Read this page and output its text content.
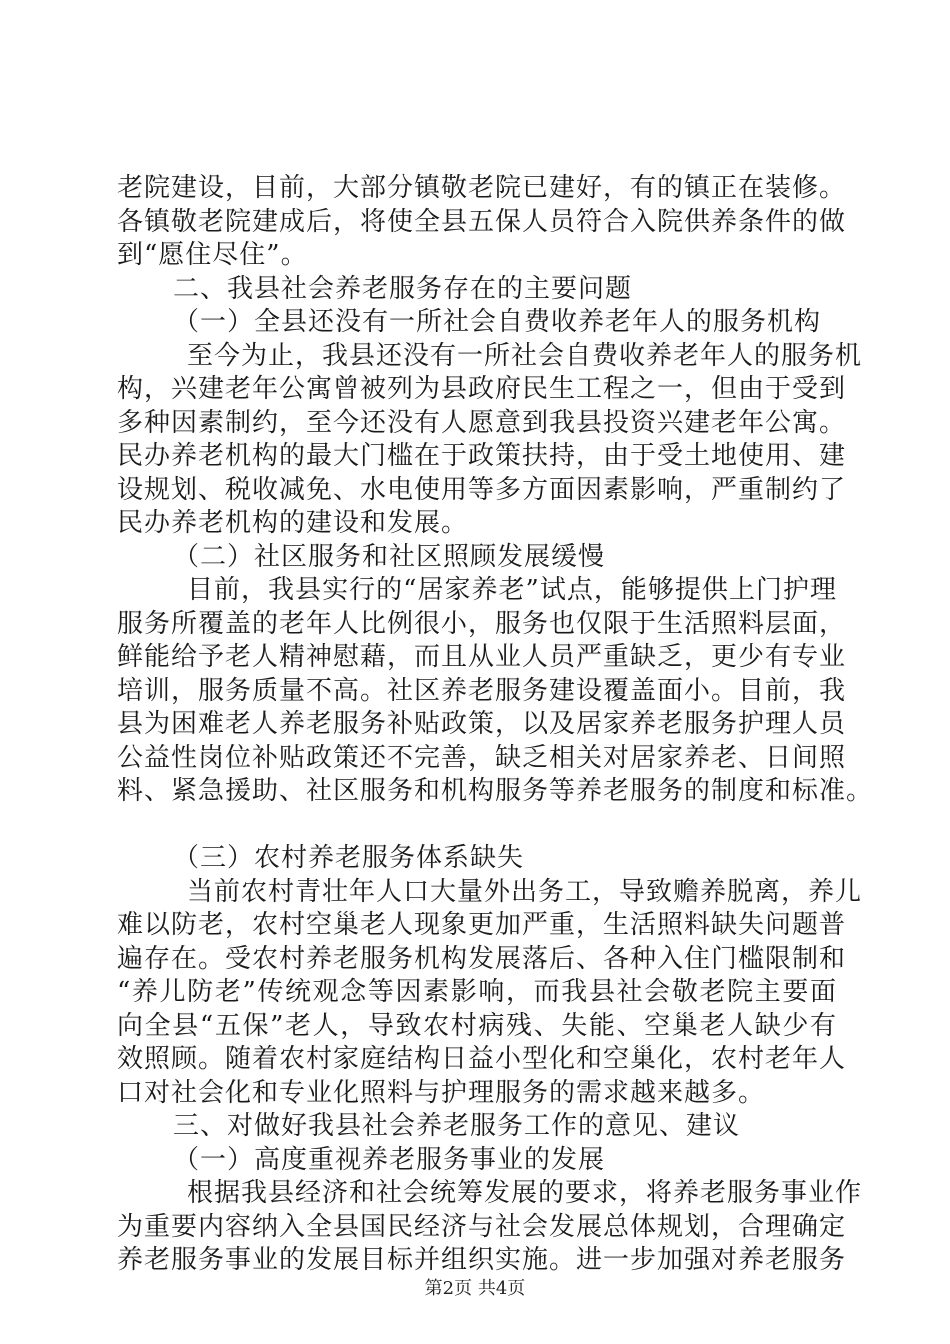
老院建设，目前，大部分镇敬老院已建好，有的镇正在装修。
各镇敬老院建成后，将使全县五保人员符合入院供养条件的做
到“愿住尽住”。
二、我县社会养老服务存在的主要问题
（一）全县还没有一所社会自费收养老年人的服务机构
至今为止，我县还没有一所社会自费收养老年人的服务机
构，兴建老年公寓曾被列为县政府民生工程之一，但由于受到
多种因素制约，至今还没有人愿意到我县投资兴建老年公寓。
民办养老机构的最大门槛在于政策扶持，由于受土地使用、建
设规划、税收减免、水电使用等多方面因素影响，严重制约了
民办养老机构的建设和发展。
（二）社区服务和社区照顾发展缓慢
目前，我县实行的“居家养老”试点，能够提供上门护理
服务所覆盖的老年人比例很小，服务也仅限于生活照料层面，
鲜能给予老人精神慰藉，而且从业人员严重缺乏，更少有专业
培训，服务质量不高。社区养老服务建设覆盖面小。目前，我
县为困难老人养老服务补贴政策，以及居家养老服务护理人员
公益性岗位补贴政策还不完善，缺乏相关对居家养老、日间照
料、紧急援助、社区服务和机构服务等养老服务的制度和标准。
（三）农村养老服务体系缺失
当前农村青壮年人口大量外出务工，导致赡养脱离，养儿
难以防老，农村空巢老人现象更加严重，生活照料缺失问题普
遍存在。受农村养老服务机构发展落后、各种入住门槛限制和
“养儿防老”传统观念等因素影响，而我县社会敬老院主要面
向全县“五保”老人，导致农村病残、失能、空巢老人缺少有
效照顾。随着农村家庭结构日益小型化和空巢化，农村老年人
口对社会化和专业化照料与护理服务的需求越来越多。
三、对做好我县社会养老服务工作的意见、建议
（一）高度重视养老服务事业的发展
根据我县经济和社会统筹发展的要求，将养老服务事业作
为重要内容纳入全县国民经济与社会发展总体规划，合理确定
养老服务事业的发展目标并组织实施。进一步加强对养老服务
第2页 共4页
